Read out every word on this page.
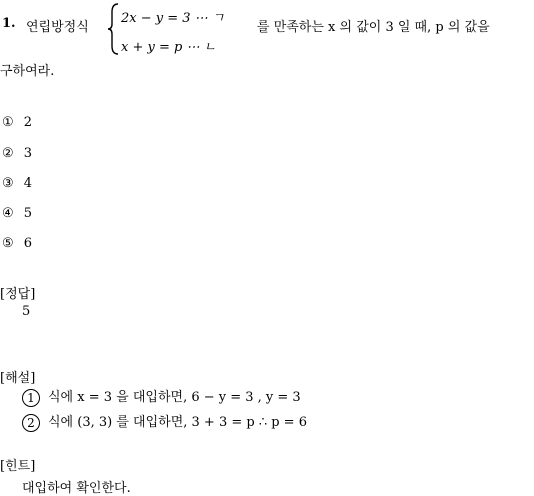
1. 연립방정식
2x − y = 3 ⋯ ㄱ
x + y = p ⋯ ㄴ
를 만족하는 x 의 값이 3 일 때, p 의 값을
구하여라.
① 2
② 3
③ 4
④ 5
⑤ 6
[정답]
5
[해설]
1 식에 x = 3 을 대입하면, 6 − y = 3 , y = 3
2 식에 (3, 3) 를 대입하면, 3 + 3 = p ∴ p = 6
[힌트]
대입하여 확인한다.
